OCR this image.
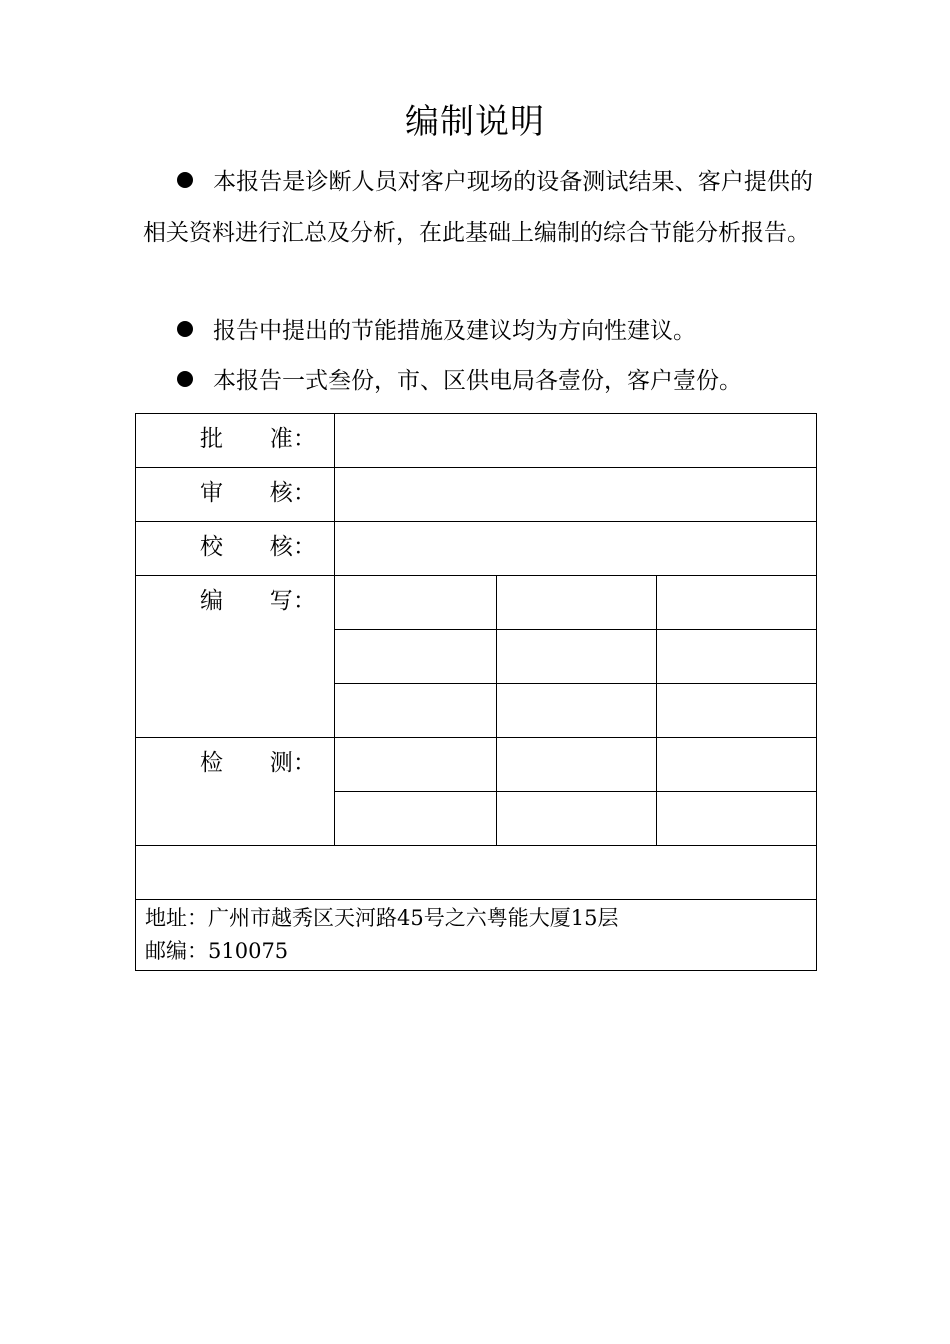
编制说明

本报告是诊断人员对客户现场的设备测试结果、客户提供的相关资料进行汇总及分析，在此基础上编制的综合节能分析报告。

报告中提出的节能措施及建议均为方向性建议。

本报告一式叁份，市、区供电局各壹份，客户壹份。

批　　准：			
审　　核：			
校　　核：			
编　　写：			

检　　测：			

地址：广州市越秀区天河路45号之六粤能大厦15层
邮编：510075			
